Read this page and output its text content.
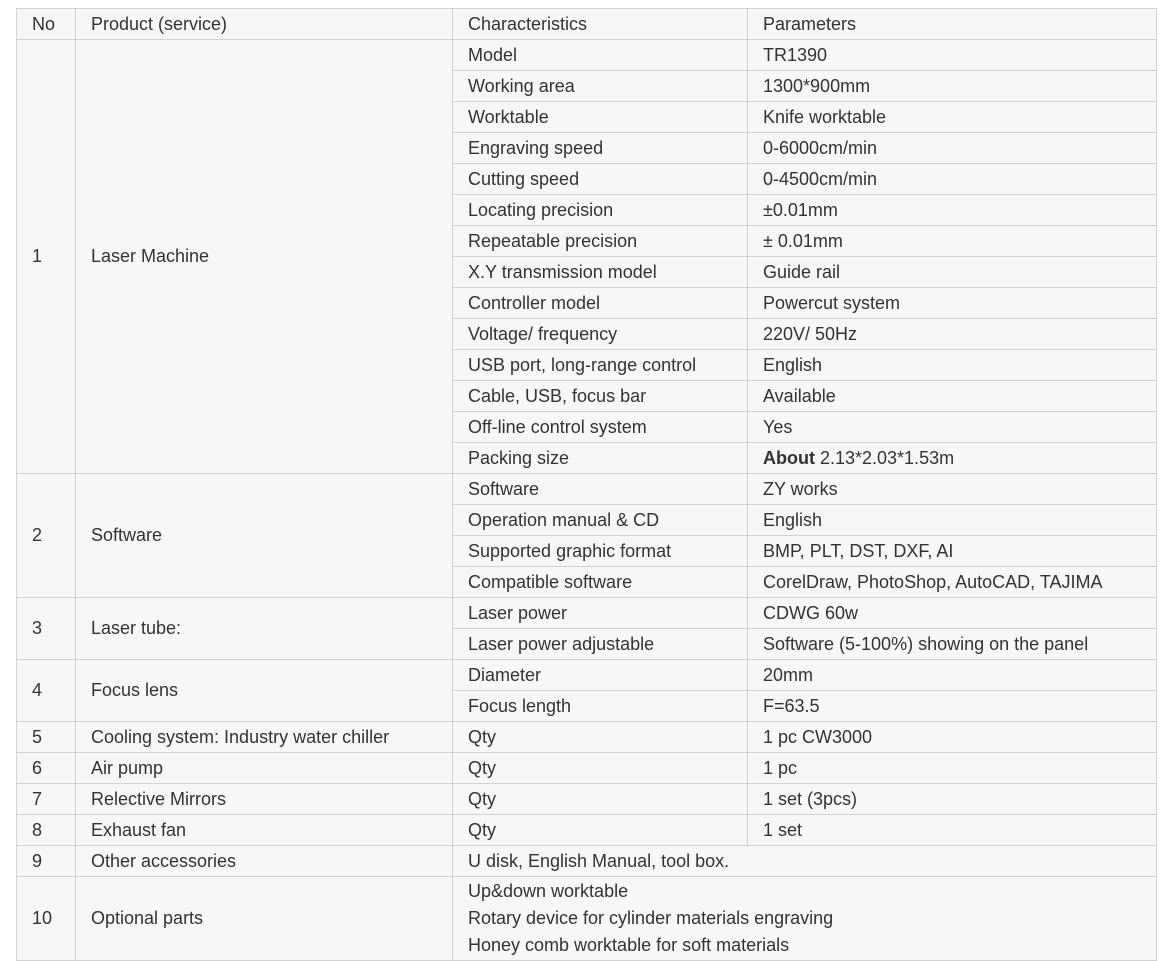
No	Product (service)	Characteristics	Parameters
1	Laser Machine	Model	TR1390
		Working area	1300*900mm
		Worktable	Knife worktable
		Engraving speed	0-6000cm/min
		Cutting speed	0-4500cm/min
		Locating precision	±0.01mm
		Repeatable precision	± 0.01mm
		X.Y transmission model	Guide rail
		Controller model	Powercut system
		Voltage/ frequency	220V/ 50Hz
		USB port, long-range control	English
		Cable, USB, focus bar	Available
		Off-line control system	Yes
		Packing size	About 2.13*2.03*1.53m
2	Software	Software	ZY works
		Operation manual & CD	English
		Supported graphic format	BMP, PLT, DST, DXF, AI
		Compatible software	CorelDraw, PhotoShop, AutoCAD, TAJIMA
3	Laser tube:	Laser power	CDWG 60w
		Laser power adjustable	Software (5-100%) showing on the panel
4	Focus lens	Diameter	20mm
		Focus length	F=63.5
5	Cooling system: Industry water chiller	Qty	1 pc CW3000
6	Air pump	Qty	1 pc
7	Relective Mirrors	Qty	1 set (3pcs)
8	Exhaust fan	Qty	1 set
9	Other accessories	U disk, English Manual, tool box.	
10	Optional parts	Up&down worktable
Rotary device for cylinder materials engraving
Honey comb worktable for soft materials	
